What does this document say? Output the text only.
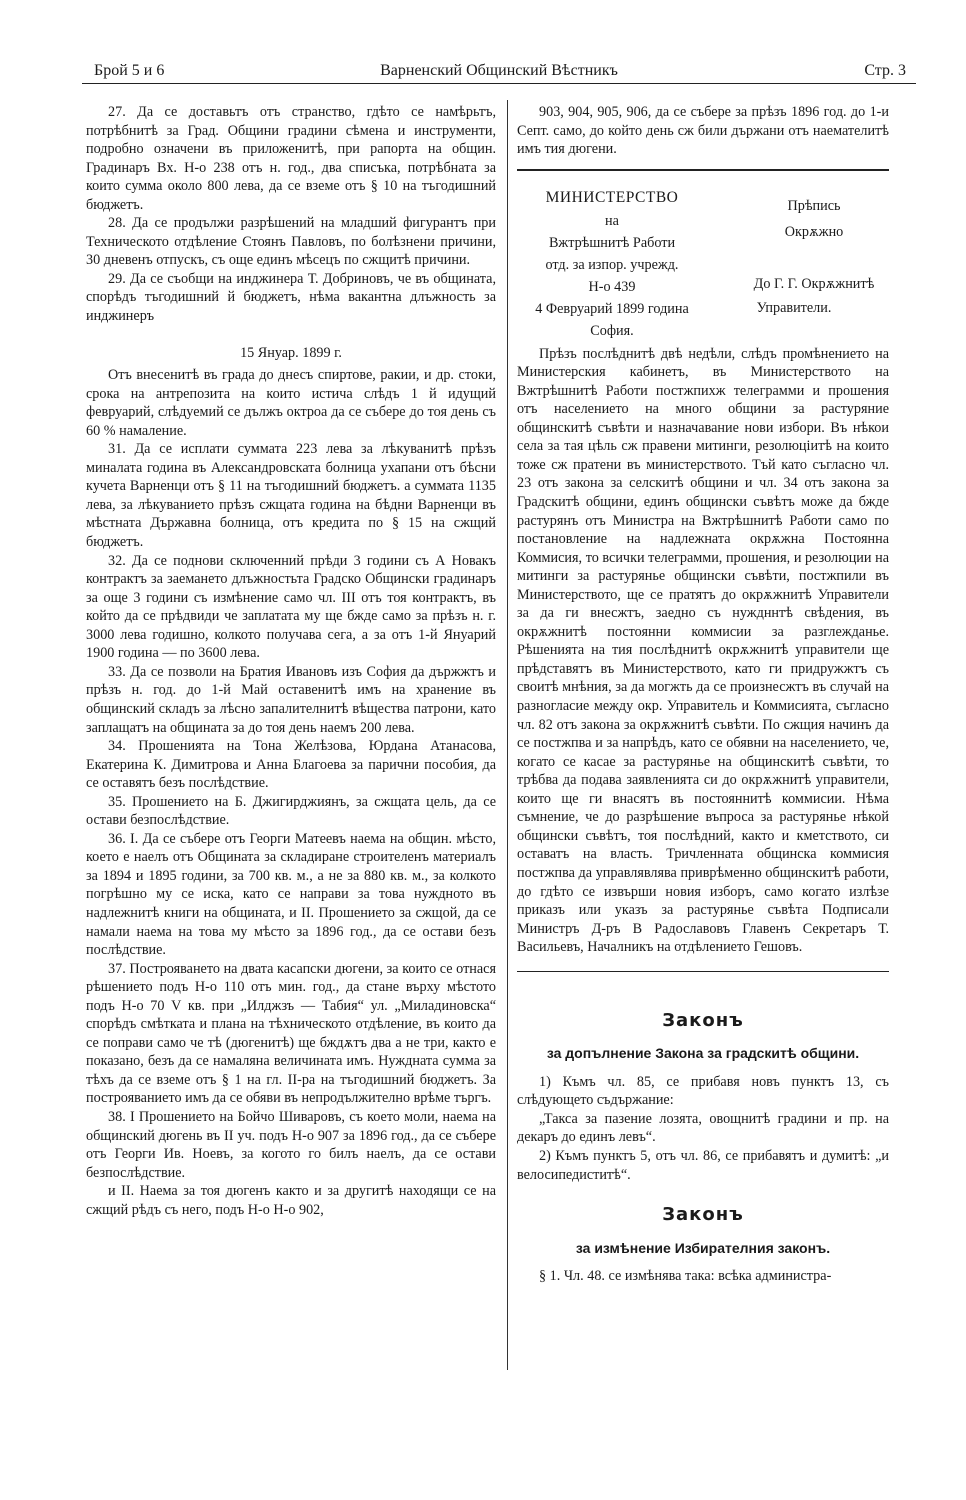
Брой 5 и 6	Варненский Общинский Вѣстникъ	Стр. 3

27. Да се доставьтъ отъ странство, гдѣто се намѣрьтъ, потрѣбнитѣ за Град. Общини градини сѣмена и инструменти, подробно означени въ приложенитѣ, при рапорта на общин. Градинаръ Вх. Н-о 238 отъ н. год., два списъка, потрѣбната за които сумма около 800 лева, да се вземе отъ § 10 на тъгодишний бюджетъ.

28. Да се продължи разрѣшений на младший фигурантъ при Техническото отдѣление Стоянъ Павловъ, по болѣзнени причини, 30 дневенъ отпускъ, съ още единъ мѣсецъ по сжщитѣ причини.

29. Да се съобщи на инджинера Т. Добриновъ, че въ общината, спорѣдъ тъгодишний й бюджетъ, нѣма вакантна длъжность за инджинеръ

15 Януар. 1899 г.

Отъ внесенитѣ въ града до днесъ спиртове, ракии, и др. стоки, срока на антрепозита на които истича слѣдъ 1 й идущий февруарий, слѣдуемий се дължъ октроа да се събере до тоя день съ 60 % намаление.

31. Да се исплати суммата 223 лева за лѣкуванитѣ прѣзъ миналата година въ Александровската болница ухапани отъ бѣсни кучета Варненци отъ § 11 на тъгодишний бюджетъ. а суммата 1135 лева, за лѣкуванието прѣзъ сжщата година на бѣдни Варненци въ мѣстната Държавна болница, отъ кредита по § 15 на сжщий бюджетъ.

32. Да се поднови сключенний прѣди 3 години съ А Новакъ контрактъ за заемането длъжностьта Градско Общински градинаръ за още 3 години съ измѣнение само чл. III отъ тоя контрактъ, въ който да се прѣдвиди че заплатата му ще бжде само за прѣзъ н. г. 3000 лева годишно, колкото получава сега, а за отъ 1-й Януарий 1900 година — по 3600 лева.

33. Да се позволи на Братия Ивановъ изъ София да държжтъ и прѣзъ н. год. до 1-й Май оставенитѣ имъ на хранение въ общинский складъ за лѣсно запалителнитѣ вѣщества патрони, като заплащатъ на общината за до тоя день наемъ 200 лева.

34. Прошенията на Тона Желѣзова, Юрдана Атанасова, Екатерина К. Димитрова и Анна Благоева за парични пособия, да се оставятъ безъ послѣдствие.

35. Прошението на Б. Джигирджиянъ, за сжщата цель, да се остави безпослѣдствие.

36. I. Да се събере отъ Георги Матеевъ наема на общин. мѣсто, което е наелъ отъ Общината за складиране строителенъ материалъ за 1894 и 1895 години, за 700 кв. м., а не за 880 кв. м., за колкото погрѣшно му се иска, като се направи за това нуждното въ надлежнитѣ книги на общината, и II. Прошението за сжщой, да се намали наема на това му мѣсто за 1896 год., да се остави безъ послѣдствие.

37. Построяването на двата касапски дюгени, за които се отнася рѣшението подъ Н-о 110 отъ мин. год., да стане върху мѣстото подъ Н-о 70 V кв. при „Илджзъ — Табия“ ул. „Миладиновска“ спорѣдъ смѣтката и плана на тѣхническото отдѣление, въ които да се поправи само че тѣ (дюгенитѣ) ще бждѫтъ два а не три, както е показано, безъ да се намаляна величината имъ. Нуждната сумма за тѣхъ да се вземе отъ § 1 на гл. II-ра на тъгодишний бюджетъ. За построяванието имъ да се обяви въ непродължително врѣме търгъ.

38. I Прошението на Бойчо Шиваровъ, съ което моли, наема на общинский дюгень въ II уч. подъ Н-о 907 за 1896 год., да се събере отъ Георги Ив. Ноевъ, за когото го билъ наелъ, да се остави безпослѣдствие.

и II. Наема за тоя дюгенъ както и за другитѣ находящи се на сжщий рѣдъ съ него, подъ Н-о Н-о 902,

903, 904, 905, 906, да се събере за прѣзъ 1896 год. до 1-и Септ. само, до който день сж били държани отъ наемателитѣ имъ тия дюгени.

МИНИСТЕРСТВО
на
Вжтрѣшнитѣ Работи
отд. за изпор. учрежд.
Н-о 439
4 Февруарий 1899 година
София.
Прѣпись
Окрѫжно
До Г. Г. Окрѫжнитѣ
Управители.

Прѣзъ послѣднитѣ двѣ недѣли, слѣдъ промѣнението на Министерския кабинетъ, въ Министерството на Вжтрѣшнитѣ Работи постжпихж телеграмми и прошения отъ населението на много общини за растуряние общинскитѣ съвѣти и назначавание нови избори. Въ нѣкои села за тая цѣль сж правени митинги, резолюцiитѣ на които тоже сж пратени въ министерството. Тъй като съгласно чл. 23 отъ закона за селскитѣ общини и чл. 34 отъ закона за Градскитѣ общини, единъ общински съвѣтъ може да бжде растурянъ отъ Министра на Вжтрѣшнитѣ Работи само по постановление на надлежната окрѫжна Постоянна Коммисия, то всички телеграмми, прошения, и резолюции на митинги за растурянье общински съвѣти, постжпили въ Министерството, ще се пратятъ до окрѫжнитѣ Управители за да ги внесжтъ, заедно съ нуждннтѣ свѣдения, въ окрѫжнитѣ постоянни коммисии за разглежданье. Рѣшенията на тия послѣднитѣ окрѫжнитѣ управители ще прѣдставятъ въ Министерството, като ги придружжтъ съ своитѣ мнѣния, за да могжть да се произнесжтъ въ случай на разногласие между окр. Управитель и Коммисията, съгласно чл. 82 отъ закона за окрѫжнитѣ съвѣти. По сжщия начинъ да се постжпва и за напрѣдъ, като се обявни на населението, че, когато се касае за растурянье на общинскитѣ съвѣти, то трѣбва да подава заявленията си до окрѫжнитѣ управители, които ще ги внасятъ въ постояннитѣ коммисии. Нѣма съмнение, че до разрѣшение въпроса за растурянье нѣкой общински съвѣтъ, тоя послѣдний, както и кметството, си оставатъ на власть. Тричленната общинска коммисия постжпва да управлявлява приврѣменно общинскитѣ работи, до гдѣто се извърши новия изборъ, само когато излѣзе приказъ или указъ за растурянье съвѣта Подписали Министръ Д-ръ В Радославовъ Главенъ Секретаръ Т. Васильевъ, Началникъ на отдѣлението Гешовъ.

Законъ

за допълнение Закона за градскитѣ общини.

1) Къмъ чл. 85, се прибавя новъ пунктъ 13, съ слѣдующето съдържание:

„Такса за пазение лозята, овощнитѣ градини и пр. на декаръ до единъ левъ“.

2) Къмъ пунктъ 5, отъ чл. 86, се прибавятъ и думитѣ: „и велосипедиститѣ“.

Законъ

за измѣнение Избирателния законъ.

§ 1. Чл. 48. се измѣнява така: всѣка администра-
